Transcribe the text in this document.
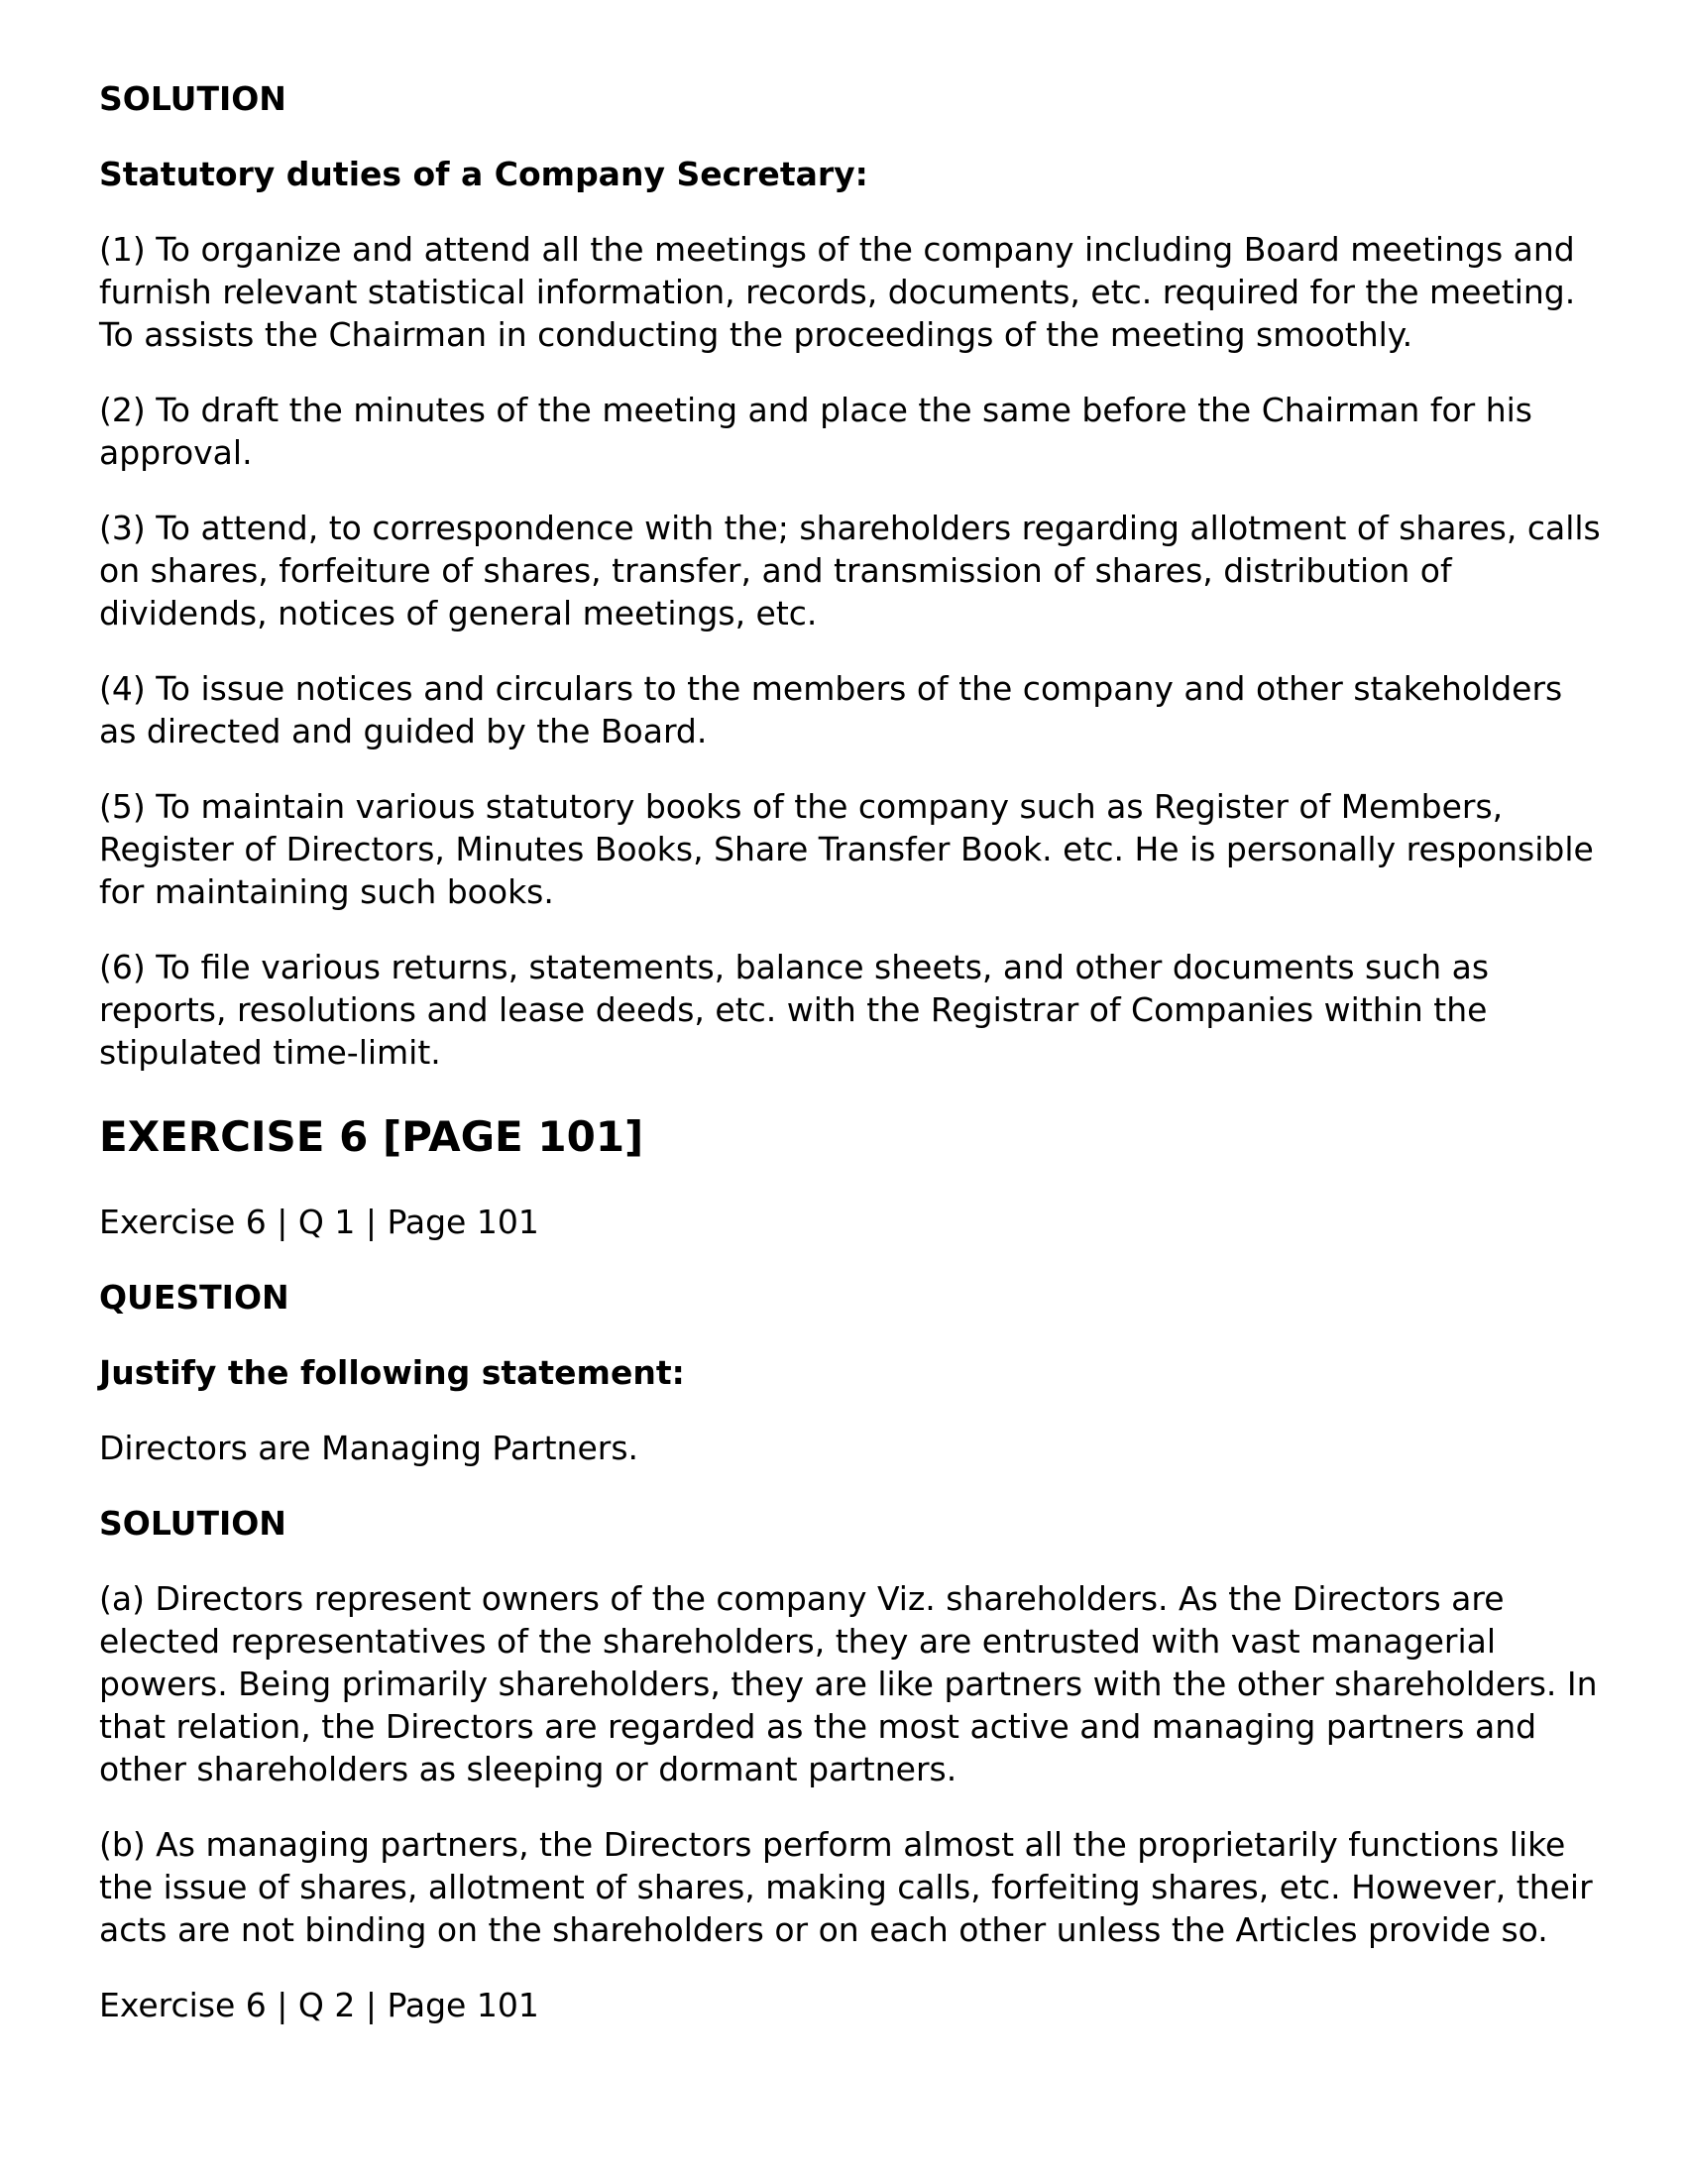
SOLUTION

Statutory duties of a Company Secretary:

(1) To organize and attend all the meetings of the company including Board meetings and furnish relevant statistical information, records, documents, etc. required for the meeting. To assists the Chairman in conducting the proceedings of the meeting smoothly.

(2) To draft the minutes of the meeting and place the same before the Chairman for his approval.

(3) To attend, to correspondence with the; shareholders regarding allotment of shares, calls on shares, forfeiture of shares, transfer, and transmission of shares, distribution of dividends, notices of general meetings, etc.

(4) To issue notices and circulars to the members of the company and other stakeholders as directed and guided by the Board.

(5) To maintain various statutory books of the company such as Register of Members, Register of Directors, Minutes Books, Share Transfer Book. etc. He is personally responsible for maintaining such books.

(6) To file various returns, statements, balance sheets, and other documents such as reports, resolutions and lease deeds, etc. with the Registrar of Companies within the stipulated time-limit.

EXERCISE 6 [PAGE 101]

Exercise 6 | Q 1 | Page 101

QUESTION

Justify the following statement:

Directors are Managing Partners.

SOLUTION

(a) Directors represent owners of the company Viz. shareholders. As the Directors are elected representatives of the shareholders, they are entrusted with vast managerial powers. Being primarily shareholders, they are like partners with the other shareholders. In that relation, the Directors are regarded as the most active and managing partners and other shareholders as sleeping or dormant partners.

(b) As managing partners, the Directors perform almost all the proprietarily functions like the issue of shares, allotment of shares, making calls, forfeiting shares, etc. However, their acts are not binding on the shareholders or on each other unless the Articles provide so.

Exercise 6 | Q 2 | Page 101
